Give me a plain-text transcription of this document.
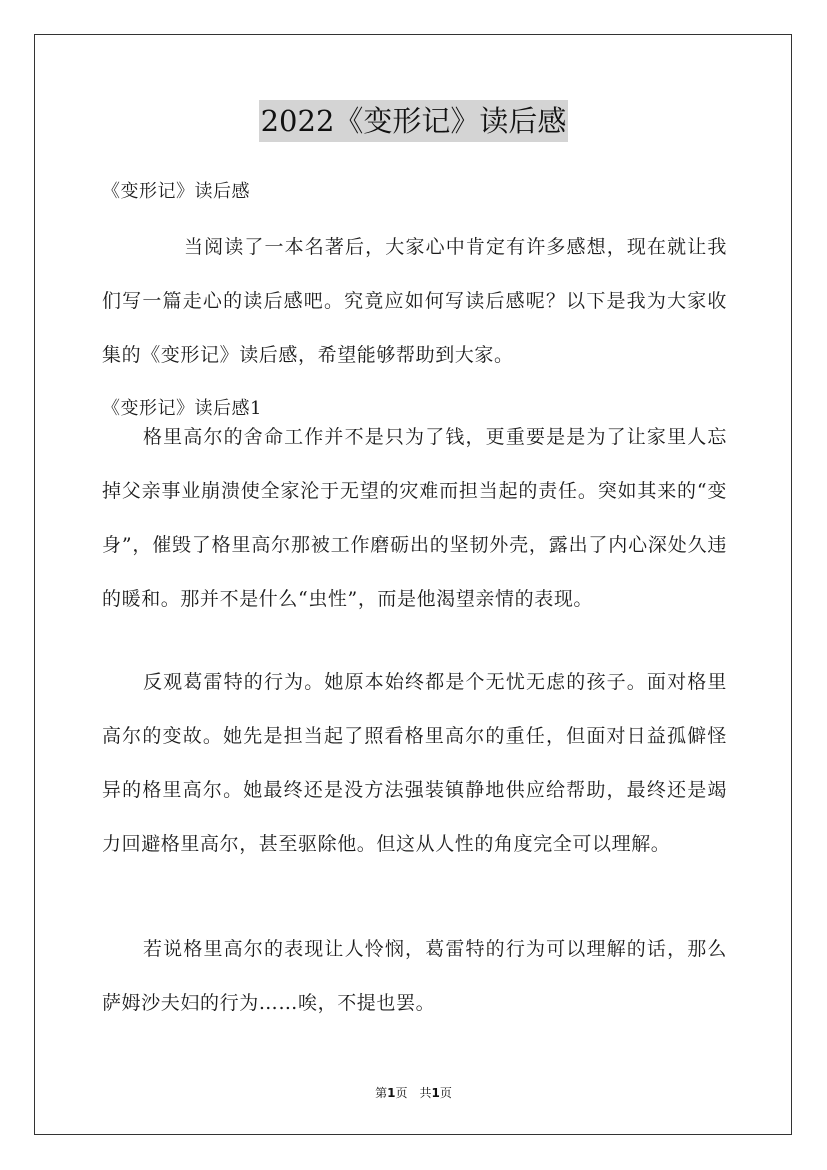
2022《变形记》读后感

《变形记》读后感

当阅读了一本名著后，大家心中肯定有许多感想，现在就让我们写一篇走心的读后感吧。究竟应如何写读后感呢？以下是我为大家收集的《变形记》读后感，希望能够帮助到大家。

《变形记》读后感1

格里高尔的舍命工作并不是只为了钱，更重要是是为了让家里人忘掉父亲事业崩溃使全家沦于无望的灾难而担当起的责任。突如其来的“变身”，催毁了格里高尔那被工作磨砺出的坚韧外壳，露出了内心深处久违的暖和。那并不是什么“虫性”，而是他渴望亲情的表现。

反观葛雷特的行为。她原本始终都是个无忧无虑的孩子。面对格里高尔的变故。她先是担当起了照看格里高尔的重任，但面对日益孤僻怪异的格里高尔。她最终还是没方法强装镇静地供应给帮助，最终还是竭力回避格里高尔，甚至驱除他。但这从人性的角度完全可以理解。

若说格里高尔的表现让人怜悯，葛雷特的行为可以理解的话，那么萨姆沙夫妇的行为……唉，不提也罢。

第1页　共1页
